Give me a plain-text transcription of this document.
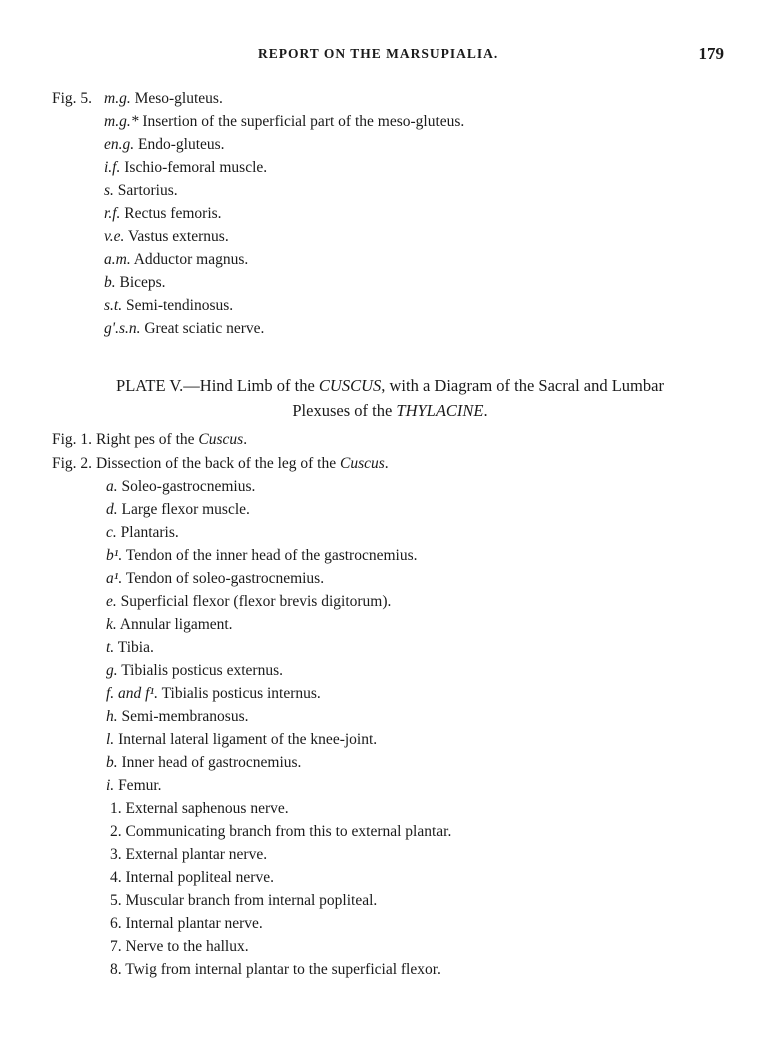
REPORT ON THE MARSUPIALIA.	179
Fig. 5. m.g. Meso-gluteus.
m.g.* Insertion of the superficial part of the meso-gluteus.
en.g. Endo-gluteus.
i.f. Ischio-femoral muscle.
s. Sartorius.
r.f. Rectus femoris.
v.e. Vastus externus.
a.m. Adductor magnus.
b. Biceps.
s.t. Semi-tendinosus.
g'.s.n. Great sciatic nerve.
PLATE V.—Hind Limb of the CUSCUS, with a Diagram of the Sacral and Lumbar
Plexuses of the THYLACINE.
Fig. 1. Right pes of the Cuscus.
Fig. 2. Dissection of the back of the leg of the Cuscus.
a. Soleo-gastrocnemius.
d. Large flexor muscle.
c. Plantaris.
b¹. Tendon of the inner head of the gastrocnemius.
a¹. Tendon of soleo-gastrocnemius.
e. Superficial flexor (flexor brevis digitorum).
k. Annular ligament.
t. Tibia.
g. Tibialis posticus externus.
f. and f¹. Tibialis posticus internus.
h. Semi-membranosus.
l. Internal lateral ligament of the knee-joint.
b. Inner head of gastrocnemius.
i. Femur.
1. External saphenous nerve.
2. Communicating branch from this to external plantar.
3. External plantar nerve.
4. Internal popliteal nerve.
5. Muscular branch from internal popliteal.
6. Internal plantar nerve.
7. Nerve to the hallux.
8. Twig from internal plantar to the superficial flexor.
